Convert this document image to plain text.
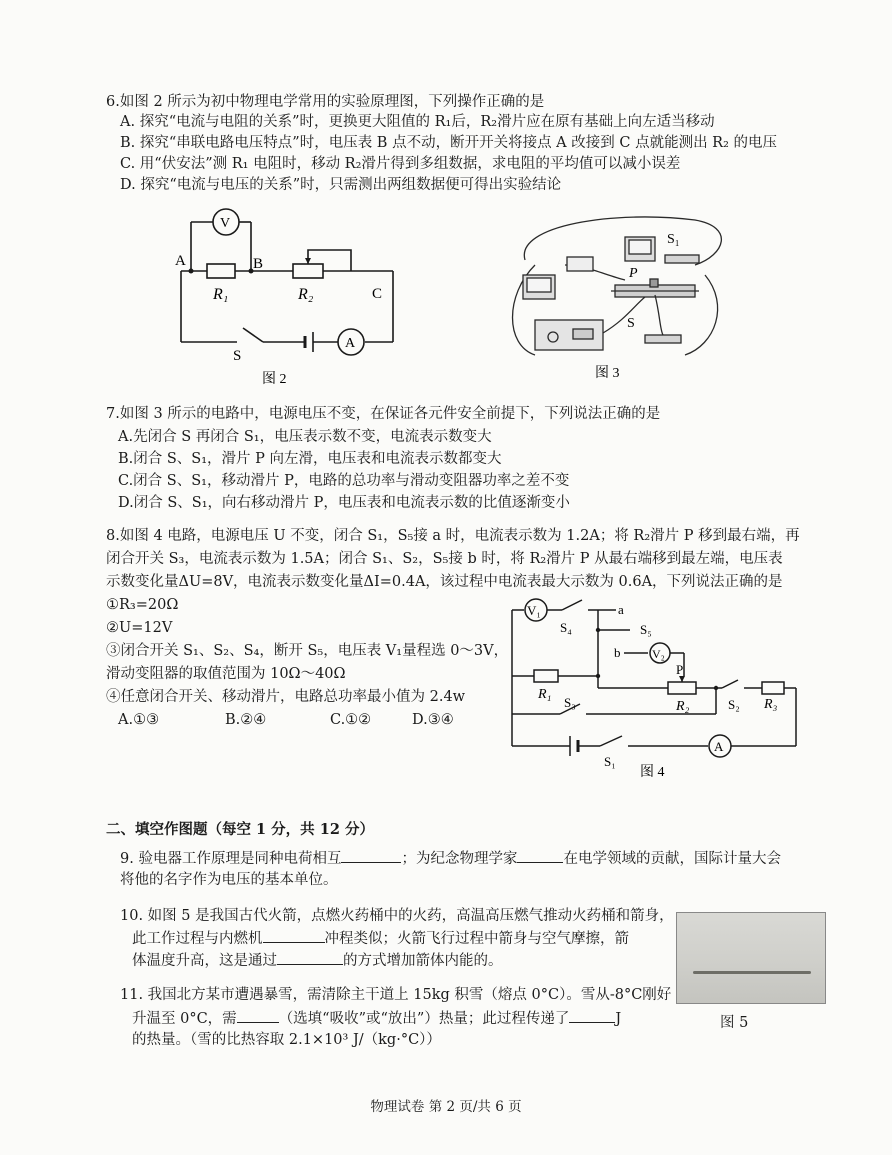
6.如图 2 所示为初中物理电学常用的实验原理图，下列操作正确的是
A. 探究“电流与电阻的关系”时，更换更大阻值的 R₁后，R₂滑片应在原有基础上向左适当移动
B. 探究“串联电路电压特点”时，电压表 B 点不动，断开开关将接点 A 改接到 C 点就能测出 R₂ 的电压
C. 用“伏安法”测 R₁ 电阻时，移动 R₂滑片得到多组数据，求电阻的平均值可以减小误差
D. 探究“电流与电压的关系”时，只需测出两组数据便可得出实验结论
V
A
A	B
C
R₁	R₂
S
图 2
S₁
P
S
图 3
7.如图 3 所示的电路中，电源电压不变，在保证各元件安全前提下，下列说法正确的是
A.先闭合 S 再闭合 S₁，电压表示数不变，电流表示数变大
B.闭合 S、S₁，滑片 P 向左滑，电压表和电流表示数都变大
C.闭合 S、S₁，移动滑片 P，电路的总功率与滑动变阻器功率之差不变
D.闭合 S、S₁，向右移动滑片 P，电压表和电流表示数的比值逐渐变小
8.如图 4 电路，电源电压 U 不变，闭合 S₁，S₅接 a 时，电流表示数为 1.2A；将 R₂滑片 P 移到最右端，再
闭合开关 S₃，电流表示数为 1.5A；闭合 S₁、S₂，S₅接 b 时，将 R₂滑片 P 从最右端移到最左端，电压表
示数变化量ΔU=8V，电流表示数变化量ΔI=0.4A，该过程中电流表最大示数为 0.6A，下列说法正确的是
①R₃=20Ω
②U=12V
③闭合开关 S₁、S₂、S₄，断开 S₅，电压表 V₁量程选 0～3V，
滑动变阻器的取值范围为 10Ω～40Ω
④任意闭合开关、移动滑片，电路总功率最小值为 2.4w
A.①③	B.②④	C.①②	D.③④
V₁
V₂
S₄	S₅
a
b
R₁
S₃
P
R₂	S₂ R₃
S₁
A
图 4
二、填空作图题（每空 1 分，共 12 分）
9. 验电器工作原理是同种电荷相互	；为纪念物理学家	在电学领域的贡献，国际计量大会
将他的名字作为电压的基本单位。
10. 如图 5 是我国古代火箭，点燃火药桶中的火药，高温高压燃气推动火药桶和箭身，
此工作过程与内燃机	冲程类似；火箭飞行过程中箭身与空气摩擦，箭
体温度升高，这是通过	的方式增加箭体内能的。
图 5
11. 我国北方某市遭遇暴雪，需清除主干道上 15kg 积雪（熔点 0°C）。雪从-8°C刚好
升温至 0°C，需	（选填“吸收”或“放出”）热量；此过程传递了	J
的热量。（雪的比热容取 2.1×10³ J/（kg·°C））
物理试卷 第 2 页/共 6 页
